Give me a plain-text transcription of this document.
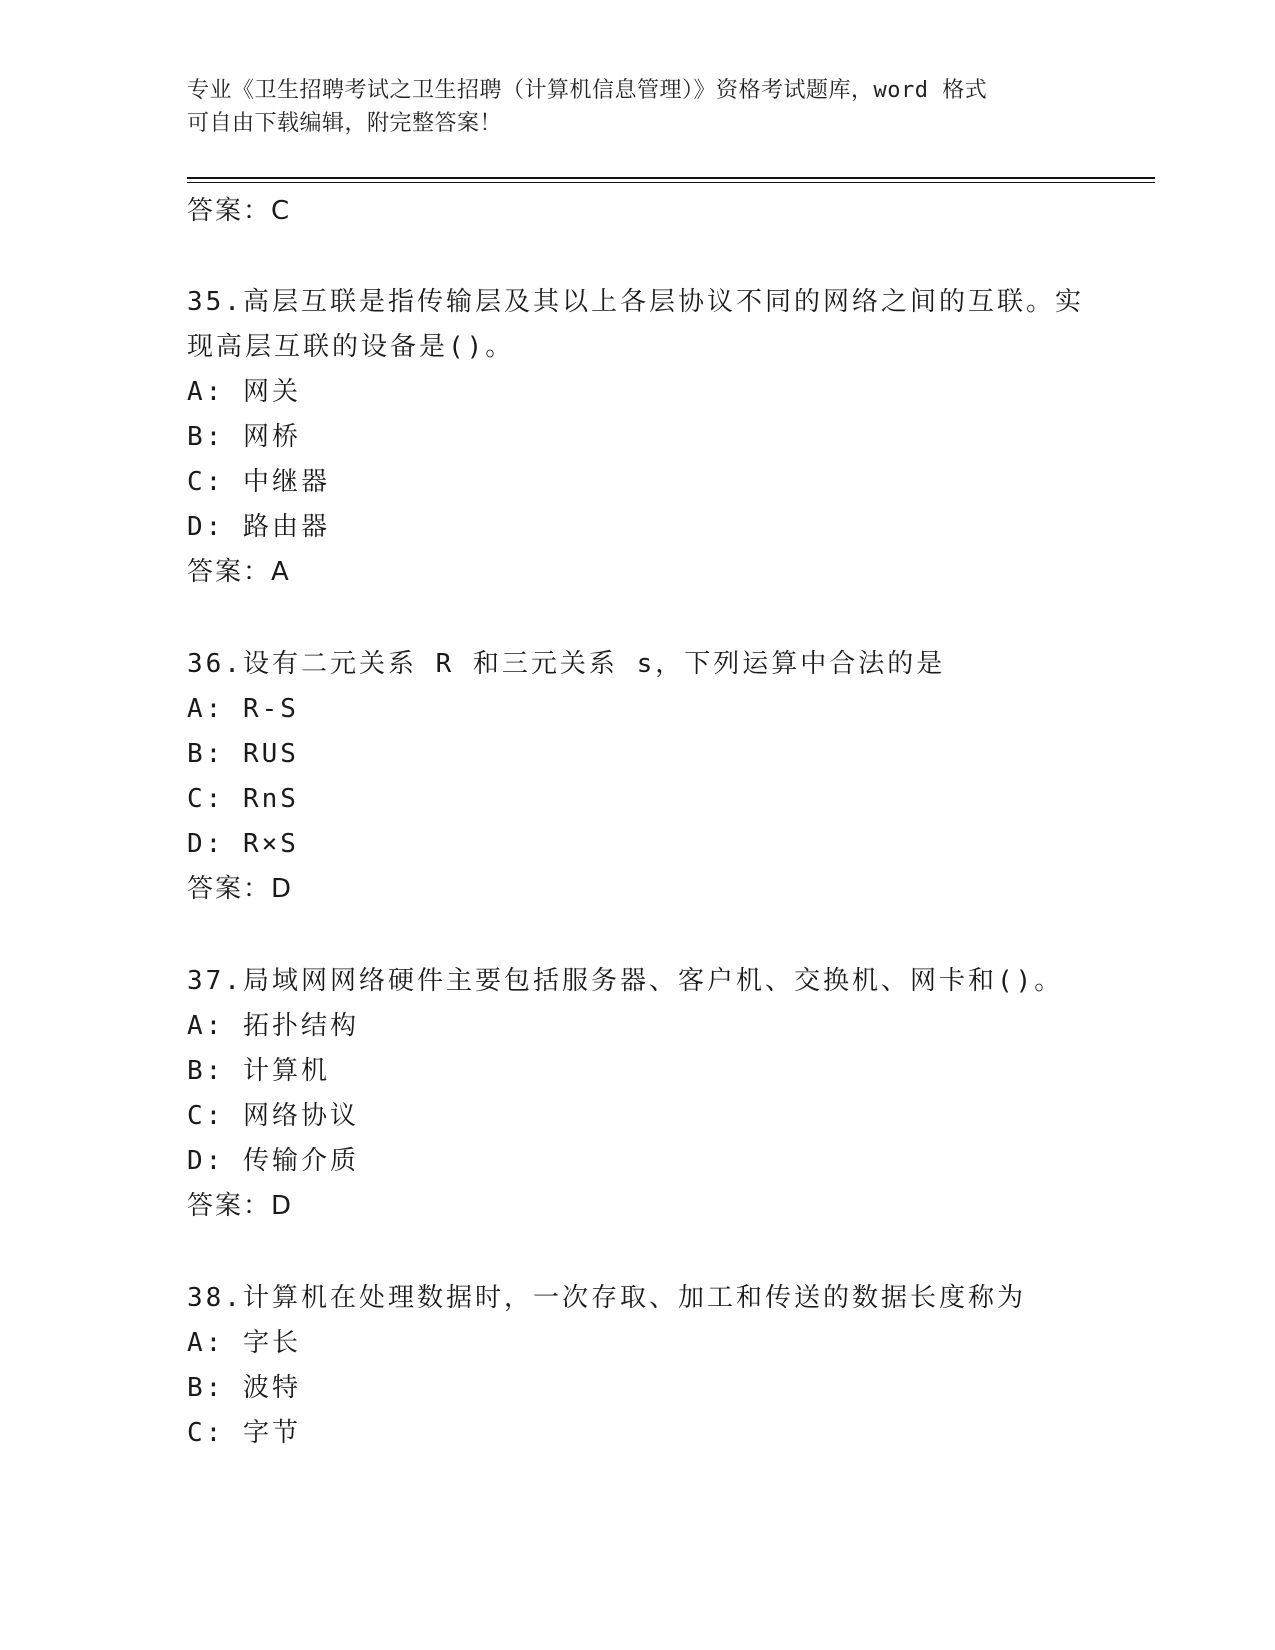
专业《卫生招聘考试之卫生招聘（计算机信息管理）》资格考试题库，word 格式
可自由下载编辑，附完整答案！
答案：C
35.高层互联是指传输层及其以上各层协议不同的网络之间的互联。实
现高层互联的设备是()。
A: 网关
B: 网桥
C: 中继器
D: 路由器
答案：A
36.设有二元关系 R 和三元关系 s，下列运算中合法的是
A: R-S
B: RUS
C: RnS
D: R×S
答案：D
37.局域网网络硬件主要包括服务器、客户机、交换机、网卡和()。
A: 拓扑结构
B: 计算机
C: 网络协议
D: 传输介质
答案：D
38.计算机在处理数据时，一次存取、加工和传送的数据长度称为
A: 字长
B: 波特
C: 字节
